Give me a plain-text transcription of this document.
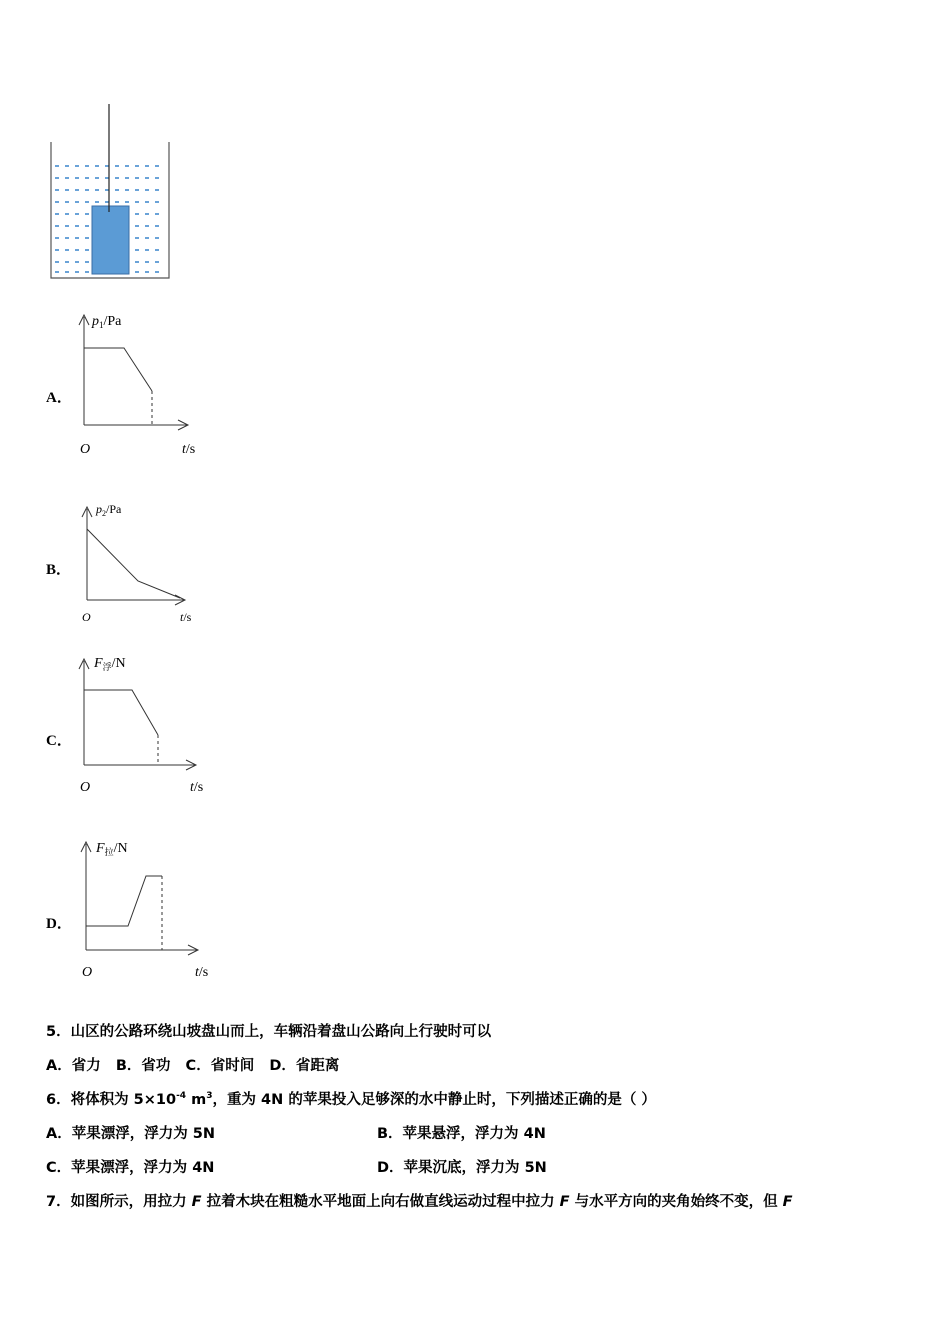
A．
$p_1/Pa$
O	t/s
B．
$p_2/Pa$
O	t/s
C．
$F_浮/N$
O	t/s
D．
$F_拉/N$
O	t/s
5．山区的公路环绕山坡盘山而上，车辆沿着盘山公路向上行驶时可以
A．省力   B．省功   C．省时间   D．省距离
6．将体积为 $5\times 10^{-4}$ $m^3$，重为 4N 的苹果投入足够深的水中静止时，下列描述正确的是（ ）
A．苹果漂浮，浮力为 5N	B．苹果悬浮，浮力为 4N
C．苹果漂浮，浮力为 4N	D．苹果沉底，浮力为 5N
7．如图所示，用拉力 F 拉着木块在粗糙水平地面上向右做直线运动过程中拉力 F 与水平方向的夹角始终不变，但 F
